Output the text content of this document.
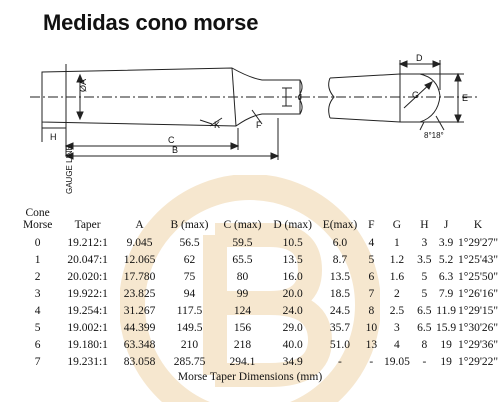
Medidas cono morse
ØA
J
H
K	F
C
B
D
G	E
8°18°
GAUGE LINE
Cone
Morse	Taper	A	B (max)	C (max)	D (max)	E(max)	F	G	H	J	K
0	19.212:1	9.045	56.5	59.5	10.5	6.0	4	1	3	3.9	1°29'27"
1	20.047:1	12.065	62	65.5	13.5	8.7	5	1.2	3.5	5.2	1°25'43"
2	20.020:1	17.780	75	80	16.0	13.5	6	1.6	5	6.3	1°25'50"
3	19.922:1	23.825	94	99	20.0	18.5	7	2	5	7.9	1°26'16"
4	19.254:1	31.267	117.5	124	24.0	24.5	8	2.5	6.5	11.9	1°29'15"
5	19.002:1	44.399	149.5	156	29.0	35.7	10	3	6.5	15.9	1°30'26"
6	19.180:1	63.348	210	218	40.0	51.0	13	4	8	19	1°29'36"
7	19.231:1	83.058	285.75	294.1	34.9	-	-	19.05	-	19	1°29'22"
Morse Taper Dimensions (mm)
